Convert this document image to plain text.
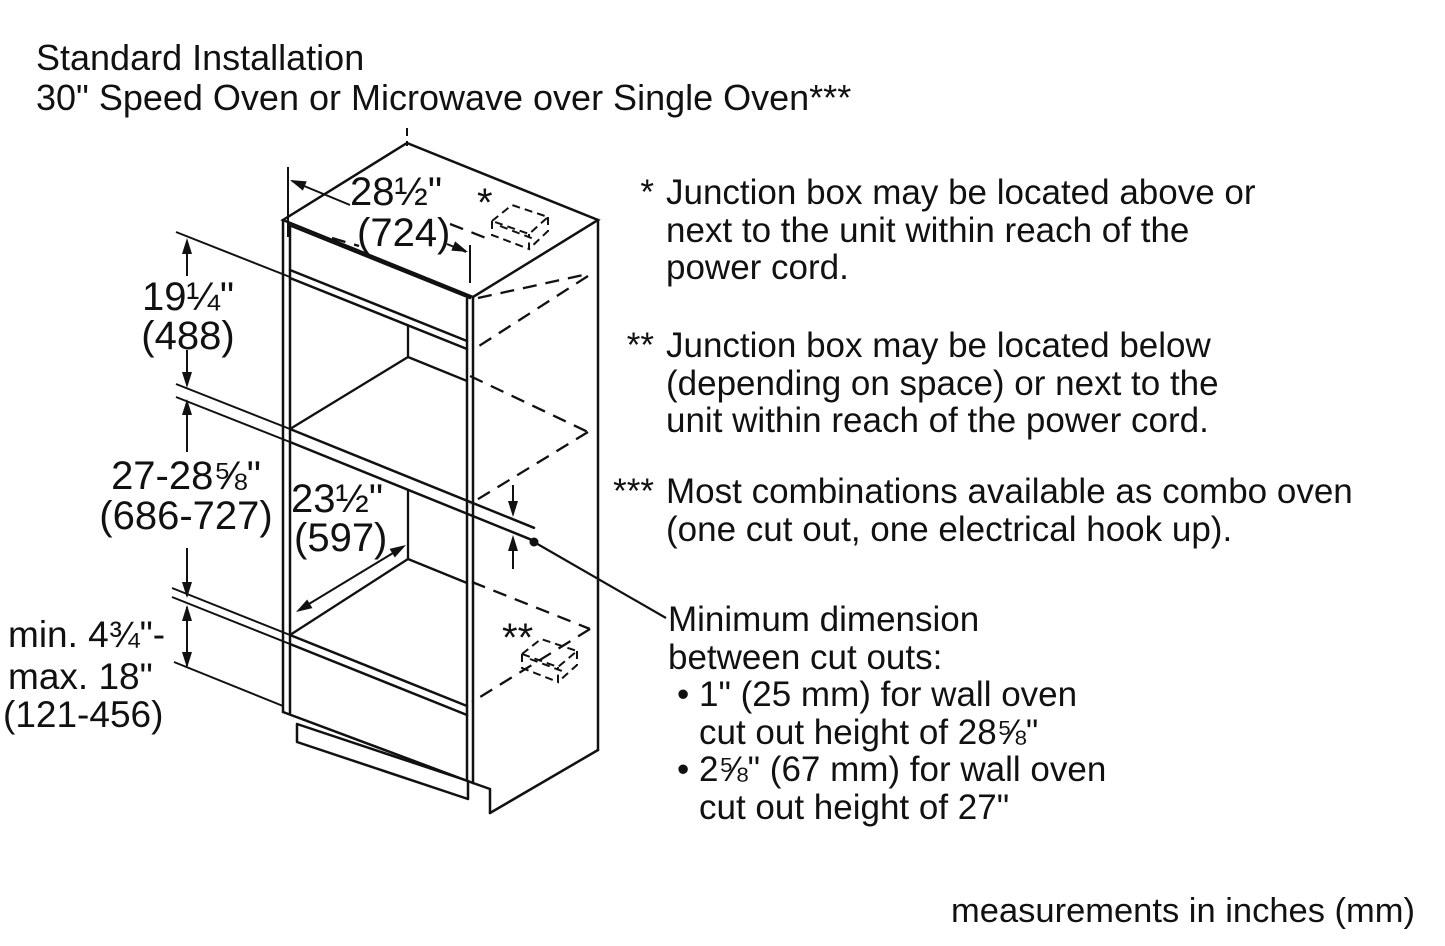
28½"
(724)
19¼"
(488)
27-28⅝"
(686-727) 23½"
(597)
min. 4¾"-
max. 18"
(121-456)
*
**
Standard Installation
30" Speed Oven or Microwave over Single Oven***
* Junction box may be located above or
next to the unit within reach of the
power cord.
** Junction box may be located below
(depending on space) or next to the
unit within reach of the power cord.
*** Most combinations available as combo oven
(one cut out, one electrical hook up).
Minimum dimension
between cut outs:
• 1" (25 mm) for wall oven
cut out height of 28⅝"
• 2⅝" (67 mm) for wall oven
cut out height of 27"
measurements in inches (mm)
